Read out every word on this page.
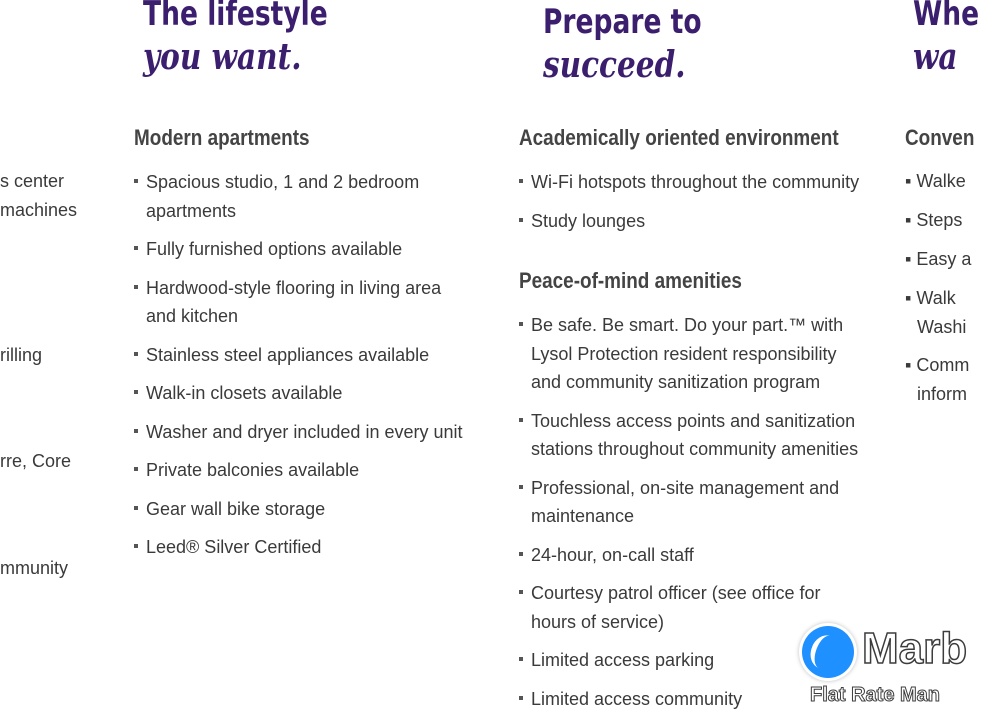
s center
machines
rilling
rre, Core
mmunity
The lifestyle
you want.
Modern apartments
Spacious studio, 1 and 2 bedroom apartments
Fully furnished options available
Hardwood-style flooring in living area and kitchen
Stainless steel appliances available
Walk-in closets available
Washer and dryer included in every unit
Private balconies available
Gear wall bike storage
Leed® Silver Certified
Prepare to
succeed.
Academically oriented environment
Wi-Fi hotspots throughout the community
Study lounges
Peace-of-mind amenities
Be safe. Be smart. Do your part.™ with Lysol Protection resident responsibility and community sanitization program
Touchless access points and sanitization stations throughout community amenities
Professional, on-site management and maintenance
24-hour, on-call staff
Courtesy patrol officer (see office for hours of service)
Limited access parking
Limited access community
Whe
wa
Conven
▪ Walke
▪ Steps
▪ Easy a
▪ Walk
Washi
▪ Comm
inform
Marb
Flat Rate Man
